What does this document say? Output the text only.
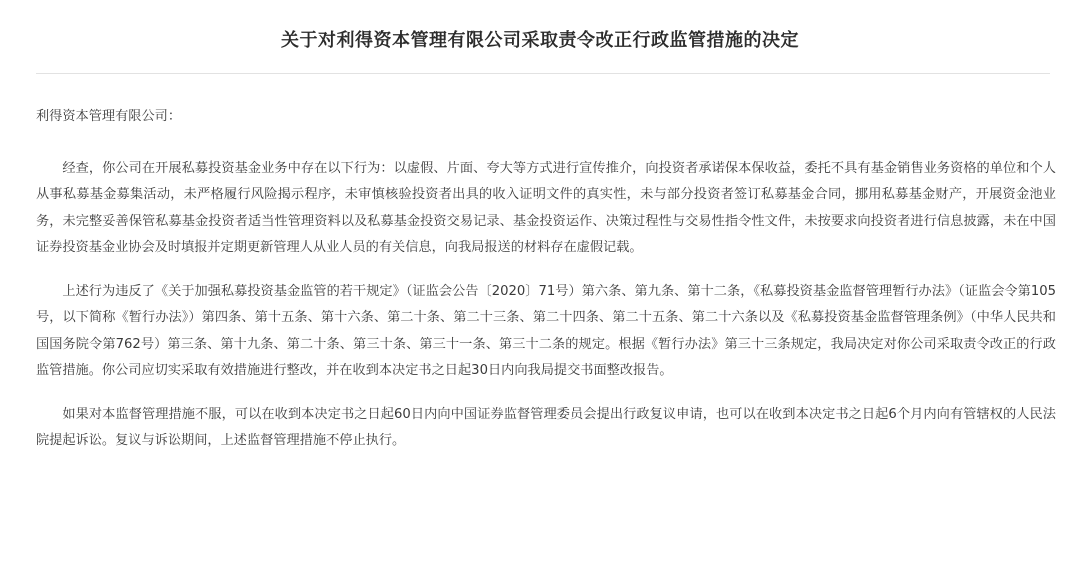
关于对利得资本管理有限公司采取责令改正行政监管措施的决定

利得资本管理有限公司：

经查，你公司在开展私募投资基金业务中存在以下行为：以虚假、片面、夸大等方式进行宣传推介，向投资者承诺保本保收益，委托不具有基金销售业务资格的单位和个人从事私募基金募集活动，未严格履行风险揭示程序，未审慎核验投资者出具的收入证明文件的真实性，未与部分投资者签订私募基金合同，挪用私募基金财产，开展资金池业务，未完整妥善保管私募基金投资者适当性管理资料以及私募基金投资交易记录、基金投资运作、决策过程性与交易性指令性文件，未按要求向投资者进行信息披露，未在中国证券投资基金业协会及时填报并定期更新管理人从业人员的有关信息，向我局报送的材料存在虚假记载。

上述行为违反了《关于加强私募投资基金监管的若干规定》（证监会公告〔2020〕71号）第六条、第九条、第十二条，《私募投资基金监督管理暂行办法》（证监会令第105号，以下简称《暂行办法》）第四条、第十五条、第十六条、第二十条、第二十三条、第二十四条、第二十五条、第二十六条以及《私募投资基金监督管理条例》（中华人民共和国国务院令第762号）第三条、第十九条、第二十条、第三十条、第三十一条、第三十二条的规定。根据《暂行办法》第三十三条规定，我局决定对你公司采取责令改正的行政监管措施。你公司应切实采取有效措施进行整改，并在收到本决定书之日起30日内向我局提交书面整改报告。

如果对本监督管理措施不服，可以在收到本决定书之日起60日内向中国证券监督管理委员会提出行政复议申请，也可以在收到本决定书之日起6个月内向有管辖权的人民法院提起诉讼。复议与诉讼期间，上述监督管理措施不停止执行。
